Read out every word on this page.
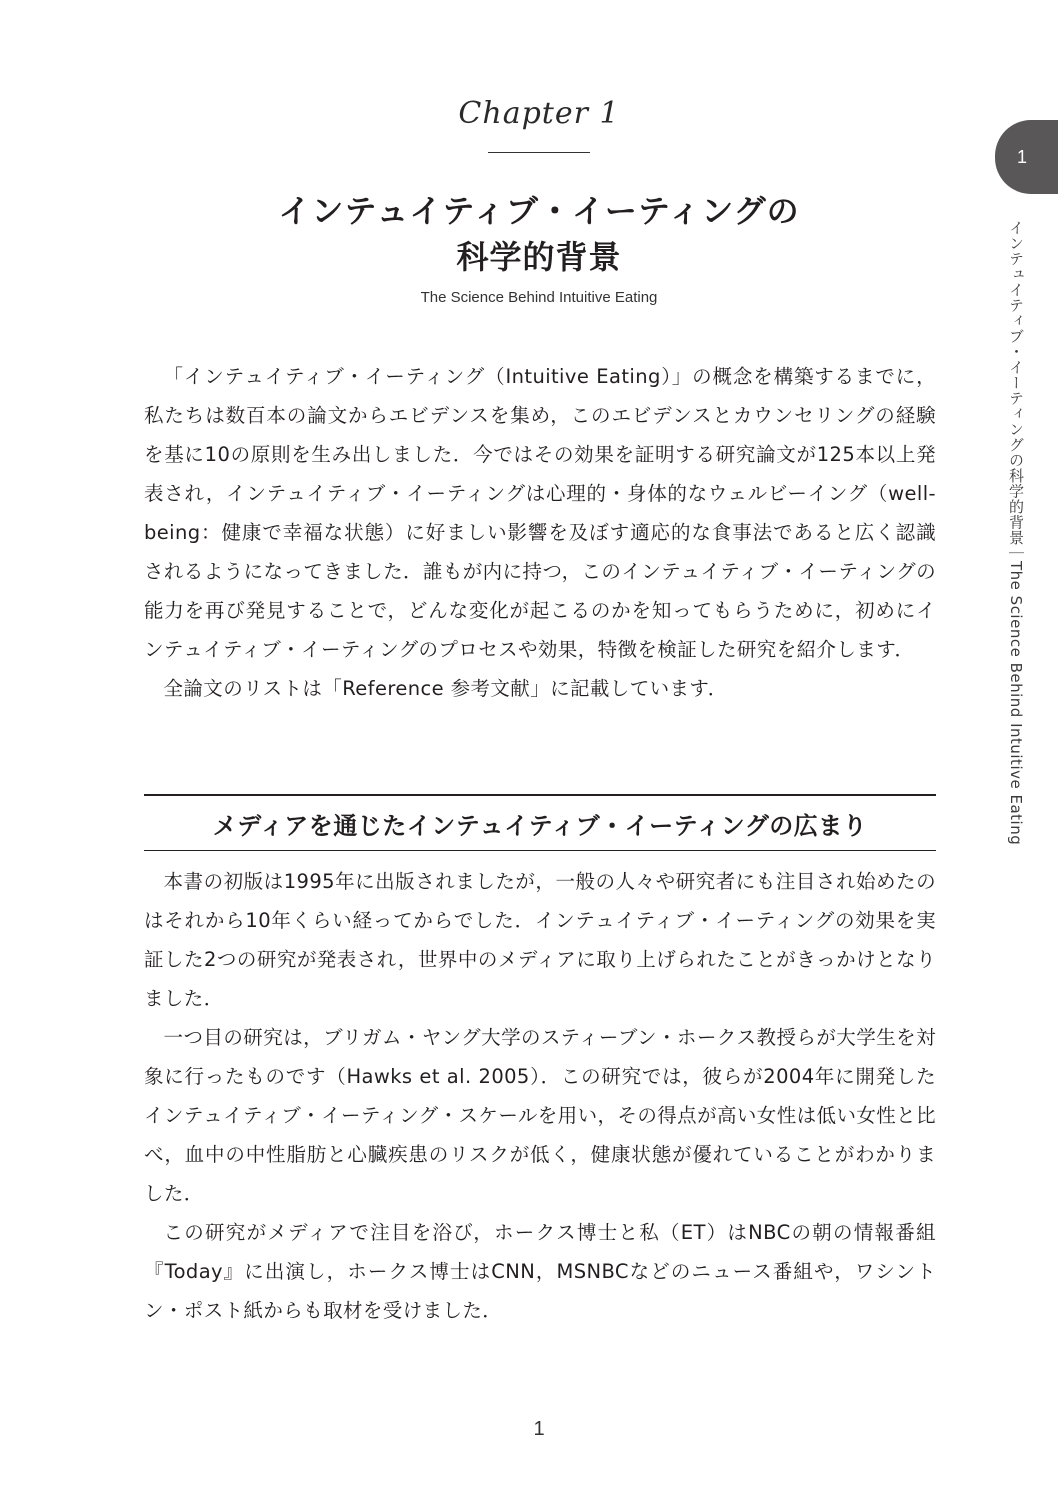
Chapter 1
インテュイティブ・イーティングの
科学的背景
The Science Behind Intuitive Eating

「インテュイティブ・イーティング（Intuitive Eating）」の概念を構築するまでに，私たちは数百本の論文からエビデンスを集め，このエビデンスとカウンセリングの経験を基に10の原則を生み出しました．今ではその効果を証明する研究論文が125本以上発表され，インテュイティブ・イーティングは心理的・身体的なウェルビーイング（well-being：健康で幸福な状態）に好ましい影響を及ぼす適応的な食事法であると広く認識されるようになってきました．誰もが内に持つ，このインテュイティブ・イーティングの能力を再び発見することで，どんな変化が起こるのかを知ってもらうために，初めにインテュイティブ・イーティングのプロセスや効果，特徴を検証した研究を紹介します．

全論文のリストは「Reference 参考文献」に記載しています．

メディアを通じたインテュイティブ・イーティングの広まり

本書の初版は1995年に出版されましたが，一般の人々や研究者にも注目され始めたのはそれから10年くらい経ってからでした．インテュイティブ・イーティングの効果を実証した2つの研究が発表され，世界中のメディアに取り上げられたことがきっかけとなりました．

一つ目の研究は，ブリガム・ヤング大学のスティーブン・ホークス教授らが大学生を対象に行ったものです（Hawks et al. 2005）．この研究では，彼らが2004年に開発したインテュイティブ・イーティング・スケールを用い，その得点が高い女性は低い女性と比べ，血中の中性脂肪と心臓疾患のリスクが低く，健康状態が優れていることがわかりました．

この研究がメディアで注目を浴び，ホークス博士と私（ET）はNBCの朝の情報番組『Today』に出演し，ホークス博士はCNN，MSNBCなどのニュース番組や，ワシントン・ポスト紙からも取材を受けました．

1
1
インテュイティブ・イーティングの科学的背景｜The Science Behind Intuitive Eating
